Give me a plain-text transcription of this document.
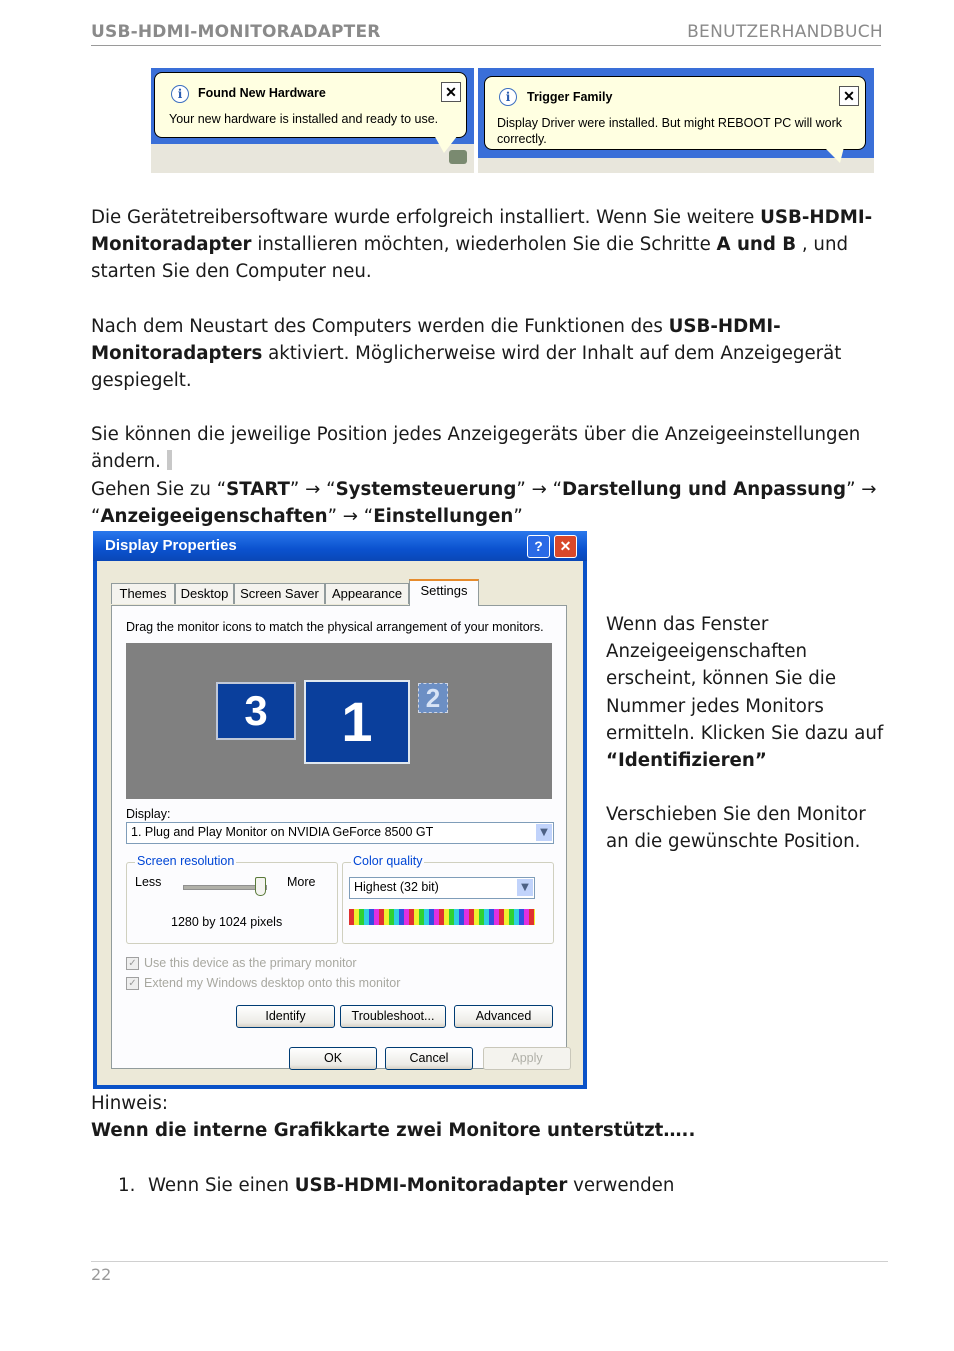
USB-HDMI-MONITORADAPTER	BENUTZERHANDBUCH
i	Found New Hardware	✕
Your new hardware is installed and ready to use.
i	Trigger Family	✕
Display Driver were installed. But might REBOOT PC will work
correctly.
Die Gerätetreibersoftware wurde erfolgreich installiert. Wenn Sie weitere USB-HDMI-
Monitoradapter installieren möchten, wiederholen Sie die Schritte A und B , und
starten Sie den Computer neu.
Nach dem Neustart des Computers werden die Funktionen des USB-HDMI-
Monitoradapters aktiviert. Möglicherweise wird der Inhalt auf dem Anzeigegerät
gespiegelt.
Sie können die jeweilige Position jedes Anzeigegeräts über die Anzeigeeinstellungen
ändern.
Gehen Sie zu “START” → “Systemsteuerung” → “Darstellung und Anpassung” →
“Anzeigeeigenschaften” → “Einstellungen”
Display Properties	?	✕
Themes	Desktop Screen Saver	Appearance	Settings
Drag the monitor icons to match the physical arrangement of your monitors.
3	1	2
Display:
1. Plug and Play Monitor on NVIDIA GeForce 8500 GT	▼
Screen resolution
Less	More
1280 by 1024 pixels
Color quality
Highest (32 bit)	▼
✓ Use this device as the primary monitor
✓ Extend my Windows desktop onto this monitor
Identify	Troubleshoot...	Advanced
OK	Cancel	Apply
Wenn das Fenster
Anzeigeeigenschaften
erscheint, können Sie die
Nummer jedes Monitors
ermitteln. Klicken Sie dazu auf
“Identifizieren”
Verschieben Sie den Monitor
an die gewünschte Position.
Hinweis:
Wenn die interne Grafikkarte zwei Monitore unterstützt…..
1. Wenn Sie einen USB-HDMI-Monitoradapter verwenden
22
